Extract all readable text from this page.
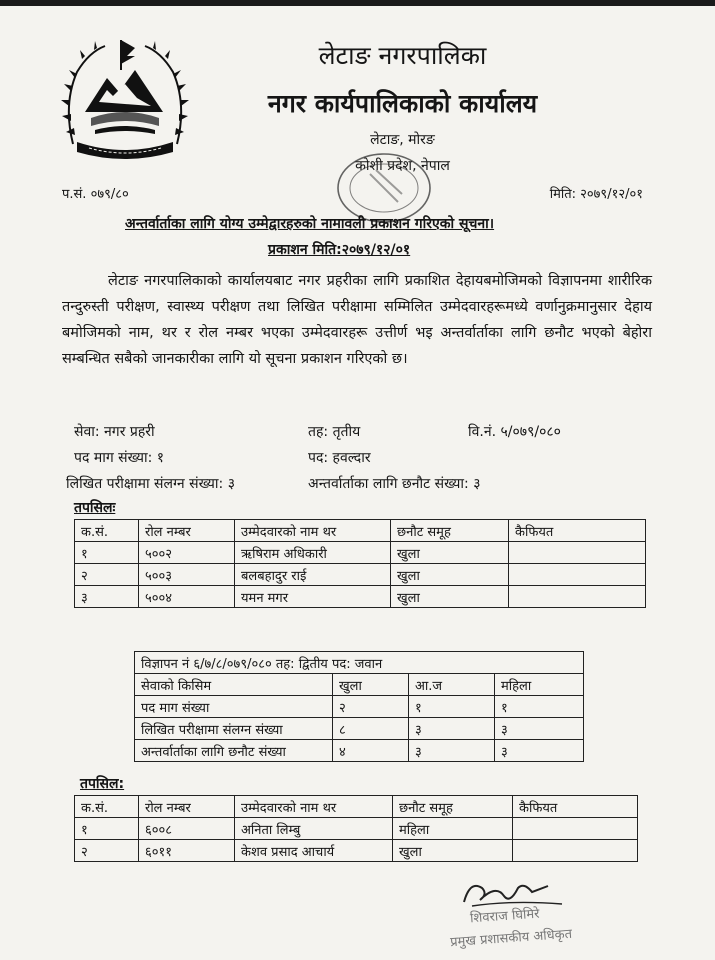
लेटाङ नगरपालिका
नगर कार्यपालिकाको कार्यालय
लेटाङ, मोरङ
कोशी प्रदेश, नेपाल
प.सं. ०७९/८०	मिति: २०७९/१२/०१
अन्तर्वार्ताका लागि योग्य उम्मेद्वारहरुको नामावली प्रकाशन गरिएको सूचना।
प्रकाशन मिति:२०७९/१२/०१

लेटाङ नगरपालिकाको कार्यालयबाट नगर प्रहरीका लागि प्रकाशित देहायबमोजिमको विज्ञापनमा शारीरिक तन्दुरुस्ती परीक्षण, स्वास्थ्य परीक्षण तथा लिखित परीक्षामा सम्मिलित उम्मेदवारहरूमध्ये वर्णानुक्रमानुसार देहाय बमोजिमको नाम, थर र रोल नम्बर भएका उम्मेदवारहरू उत्तीर्ण भइ अन्तर्वार्ताका लागि छनौट भएको बेहोरा सम्बन्धित सबैको जानकारीका लागि यो सूचना प्रकाशन गरिएको छ।

सेवा: नगर प्रहरी	तह: तृतीय	वि.नं. ५/०७९/०८०
पद माग संख्या: १	पद: हवल्दार
लिखित परीक्षामा संलग्न संख्या: ३	अन्तर्वार्ताका लागि छनौट संख्या: ३
तपसिलः
क.सं.	रोल नम्बर	उम्मेदवारको नाम थर	छनौट समूह	कैफियत
१	५००२	ऋषिराम अधिकारी	खुला	
२	५००३	बलबहादुर राई	खुला	
३	५००४	यमन मगर	खुला	
विज्ञापन नं ६/७/८/०७९/०८० तह: द्वितीय पद: जवान			
सेवाको किसिम	खुला	आ.ज	महिला
पद माग संख्या	२	१	१
लिखित परीक्षामा संलग्न संख्या	८	३	३
अन्तर्वार्ताका लागि छनौट संख्या	४	३	३
तपसिल:
क.सं.	रोल नम्बर	उम्मेदवारको नाम थर	छनौट समूह	कैफियत
१	६००८	अनिता लिम्बु	महिला	
२	६०११	केशव प्रसाद आचार्य	खुला	
शिवराज घिमिरे
प्रमुख प्रशासकीय अधिकृत
